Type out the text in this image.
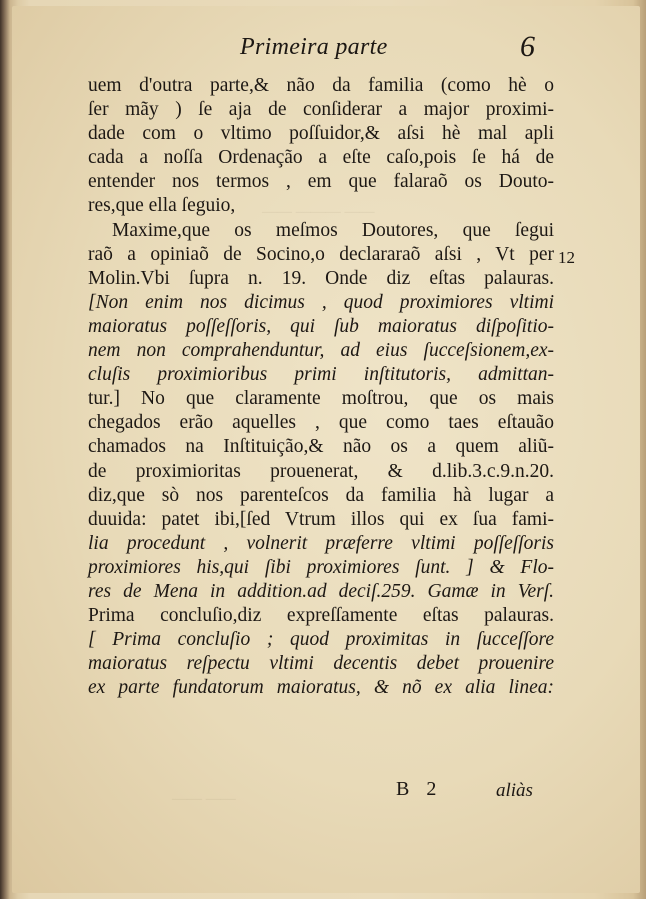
—— ——— ——
—— ——
Primeira parte	6
uem d'outra parte,& não da familia (como hè o
ſer mãy ) ſe aja de conſiderar a major proximi-
dade com o vltimo poſſuidor,& aſsi hè mal apli
cada a noſſa Ordenação a eſte caſo,pois ſe há de
entender nos termos , em que falaraõ os Douto-
res,que ella ſeguio,
Maxime,que os meſmos Doutores, que ſegui
raõ a opiniaõ de Socino,o declararaõ aſsi , Vt per
Molin.Vbi ſupra n. 19. Onde diz eſtas palauras.
[Non enim nos dicimus , quod proximiores vltimi
maioratus poſſeſſoris, qui ſub maioratus diſpoſitio-
nem non comprahenduntur, ad eius ſucceſsionem,ex-
cluſis proximioribus primi inſtitutoris, admittan-
tur.] No que claramente moſtrou, que os mais
chegados erão aquelles , que como taes eſtauão
chamados na Inſtituição,& não os a quem aliũ-
de proximioritas prouenerat, & d.lib.3.c.9.n.20.
diz,que sò nos parenteſcos da familia hà lugar a
duuida: patet ibi,[ſed Vtrum illos qui ex ſua fami-
lia procedunt , volnerit præferre vltimi poſſeſſoris
proximiores his,qui ſibi proximiores ſunt. ] & Flo-
res de Mena in addition.ad deciſ.259. Gamæ in Verſ.
Prima concluſio,diz expreſſamente eſtas palauras.
[ Prima concluſio ; quod proximitas in ſucceſſore
maioratus reſpectu vltimi decentis debet prouenire
ex parte fundatorum maioratus, & nõ ex alia linea:
12
B 2	aliàs
